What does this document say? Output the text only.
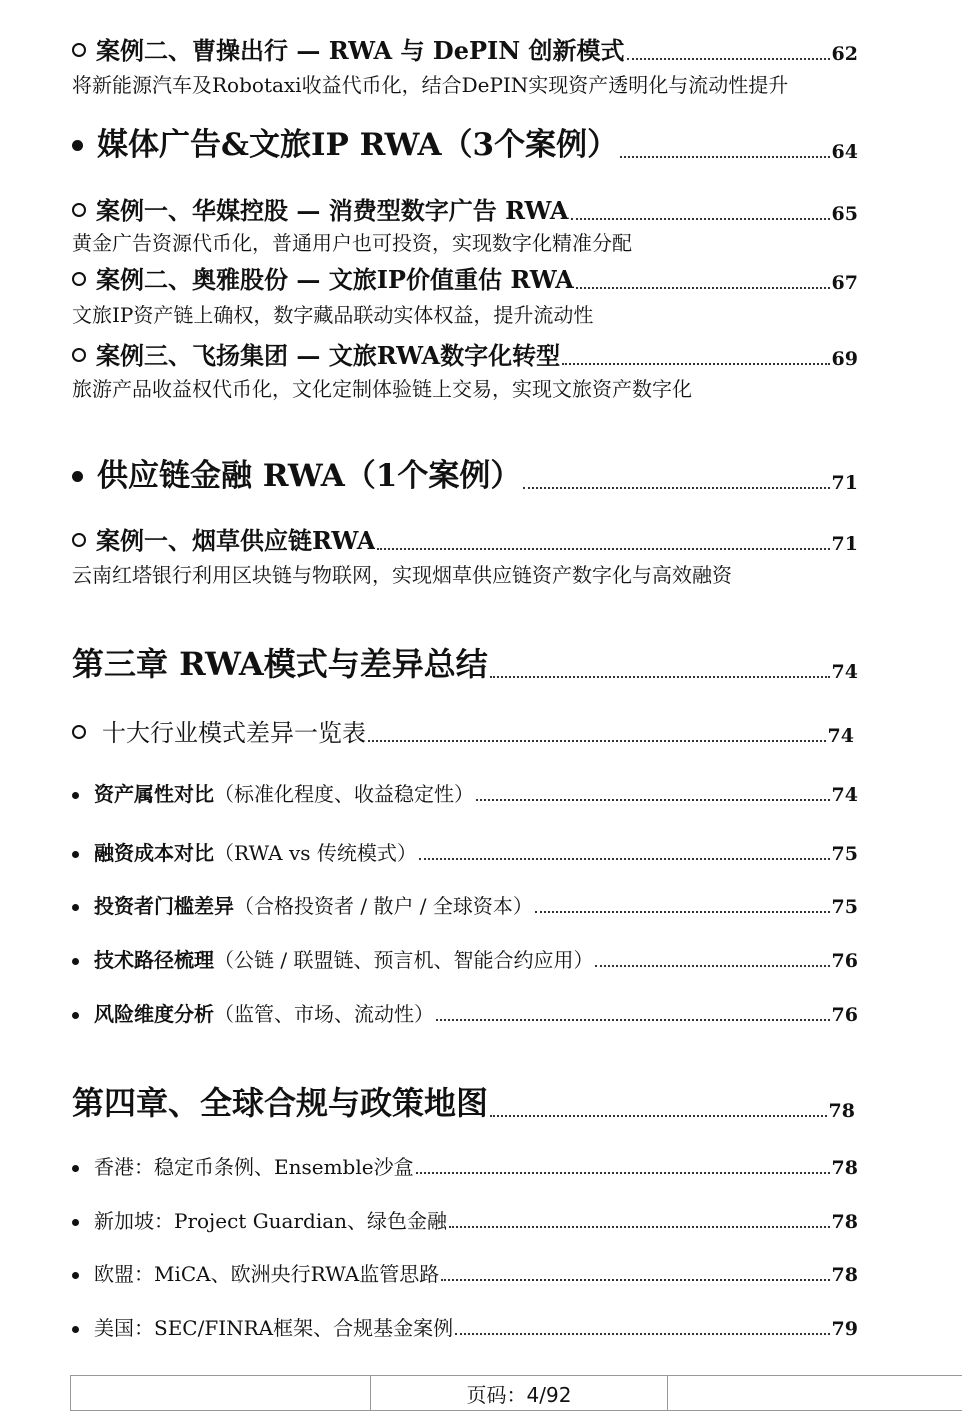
案例二、曹操出行 — RWA 与 DePIN 创新模式	62
将新能源汽车及Robotaxi收益代币化，结合DePIN实现资产透明化与流动性提升
媒体广告&文旅IP RWA（3个案例）	64
案例一、华媒控股 — 消费型数字广告 RWA	65
黄金广告资源代币化，普通用户也可投资，实现数字化精准分配
案例二、奥雅股份 — 文旅IP价值重估 RWA	67
文旅IP资产链上确权，数字藏品联动实体权益，提升流动性
案例三、飞扬集团 — 文旅RWA数字化转型	69
旅游产品收益权代币化，文化定制体验链上交易，实现文旅资产数字化
供应链金融 RWA（1个案例）	71
案例一、烟草供应链RWA	71
云南红塔银行利用区块链与物联网，实现烟草供应链资产数字化与高效融资
第三章 RWA模式与差异总结	74
十大行业模式差异一览表	74
资产属性对比（标准化程度、收益稳定性）	74
融资成本对比（RWA vs 传统模式）	75
投资者门槛差异（合格投资者 / 散户 / 全球资本）	75
技术路径梳理（公链 / 联盟链、预言机、智能合约应用）	76
风险维度分析（监管、市场、流动性）	76
第四章、全球合规与政策地图	78
香港：稳定币条例、Ensemble沙盒	78
新加坡：Project Guardian、绿色金融	78
欧盟：MiCA、欧洲央行RWA监管思路	78
美国：SEC/FINRA框架、合规基金案例	79
页码：4/92
